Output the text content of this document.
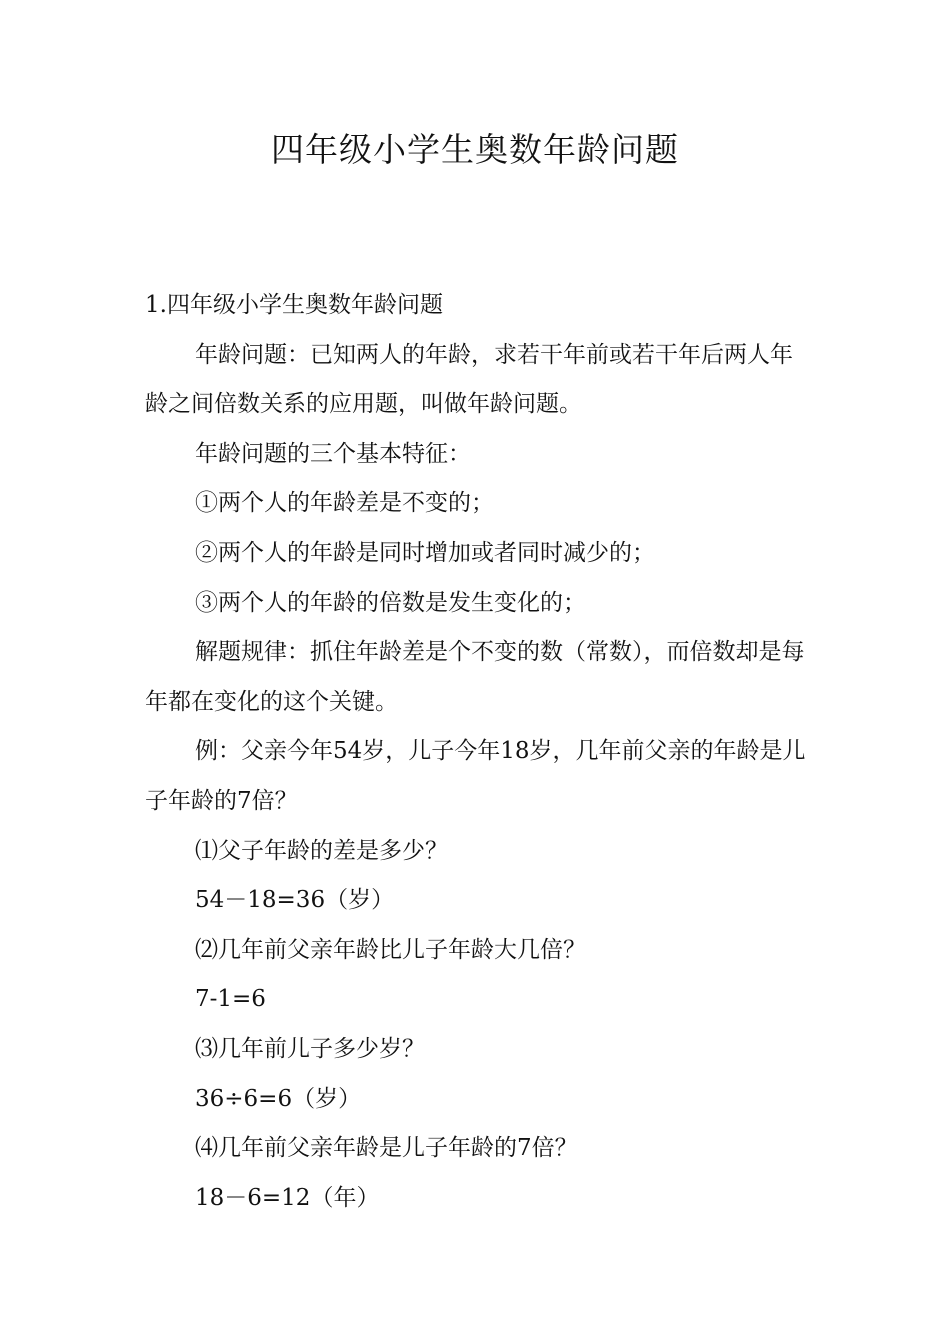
四年级小学生奥数年龄问题

1.四年级小学生奥数年龄问题

年龄问题：已知两人的年龄，求若干年前或若干年后两人年龄之间倍数关系的应用题，叫做年龄问题。

年龄问题的三个基本特征：

①两个人的年龄差是不变的；

②两个人的年龄是同时增加或者同时减少的；

③两个人的年龄的倍数是发生变化的；

解题规律：抓住年龄差是个不变的数（常数），而倍数却是每年都在变化的这个关键。

例：父亲今年54岁，儿子今年18岁，几年前父亲的年龄是儿子年龄的7倍？

⑴父子年龄的差是多少？

54－18=36（岁）

⑵几年前父亲年龄比儿子年龄大几倍？

7-1=6

⑶几年前儿子多少岁？

36÷6=6（岁）

⑷几年前父亲年龄是儿子年龄的7倍？

18－6=12（年）
